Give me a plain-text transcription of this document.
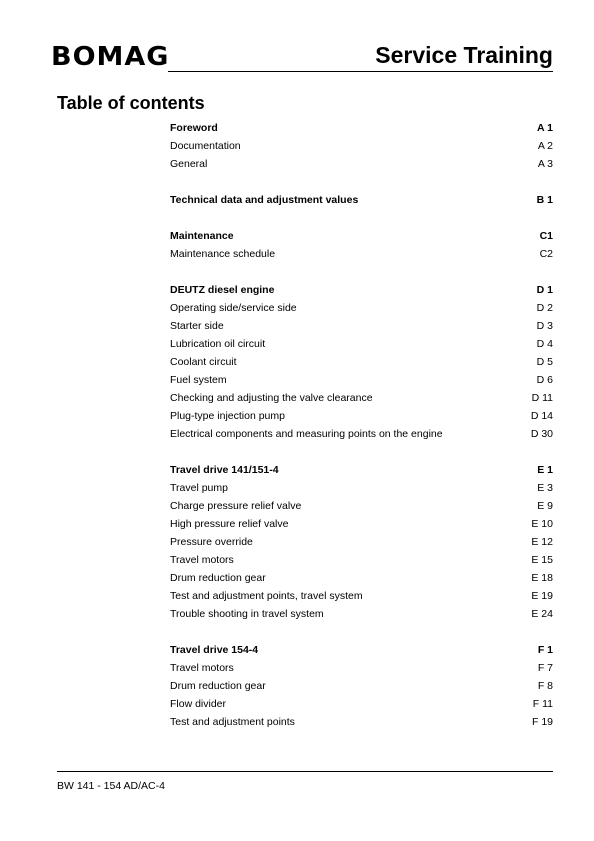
BOMAG	Service Training
Table of contents
Foreword	A 1
Documentation	A 2
General	A 3
Technical data and adjustment values	B 1
Maintenance	C1
Maintenance schedule	C2
DEUTZ diesel engine	D 1
Operating side/service side	D 2
Starter side	D 3
Lubrication oil circuit	D 4
Coolant circuit	D 5
Fuel system	D 6
Checking and adjusting the valve clearance	D 11
Plug-type injection pump	D 14
Electrical components and measuring points on the engine	D 30
Travel drive 141/151-4	E 1
Travel pump	E 3
Charge pressure relief valve	E 9
High pressure relief valve	E 10
Pressure override	E 12
Travel motors	E 15
Drum reduction gear	E 18
Test and adjustment points, travel system	E 19
Trouble shooting in travel system	E 24
Travel drive 154-4	F 1
Travel motors	F 7
Drum reduction gear	F 8
Flow divider	F 11
Test and adjustment points	F 19
BW 141 - 154 AD/AC-4
